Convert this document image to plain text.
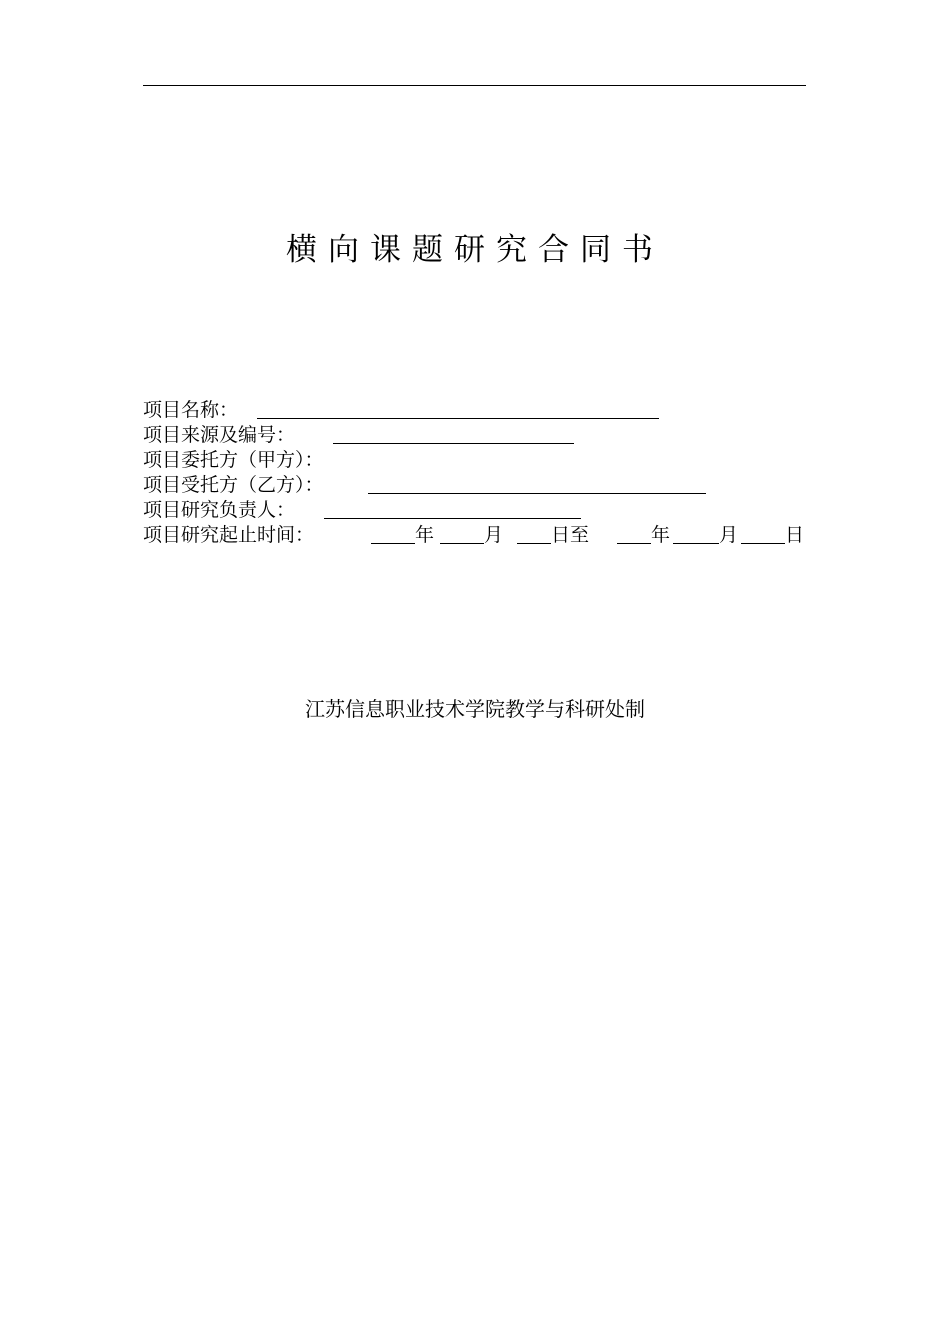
横向课题研究合同书
项目名称：
项目来源及编号：
项目委托方（甲方）：
项目受托方（乙方）：
项目研究负责人：
项目研究起止时间：	年	月	日至	年	月 日
江苏信息职业技术学院教学与科研处制
